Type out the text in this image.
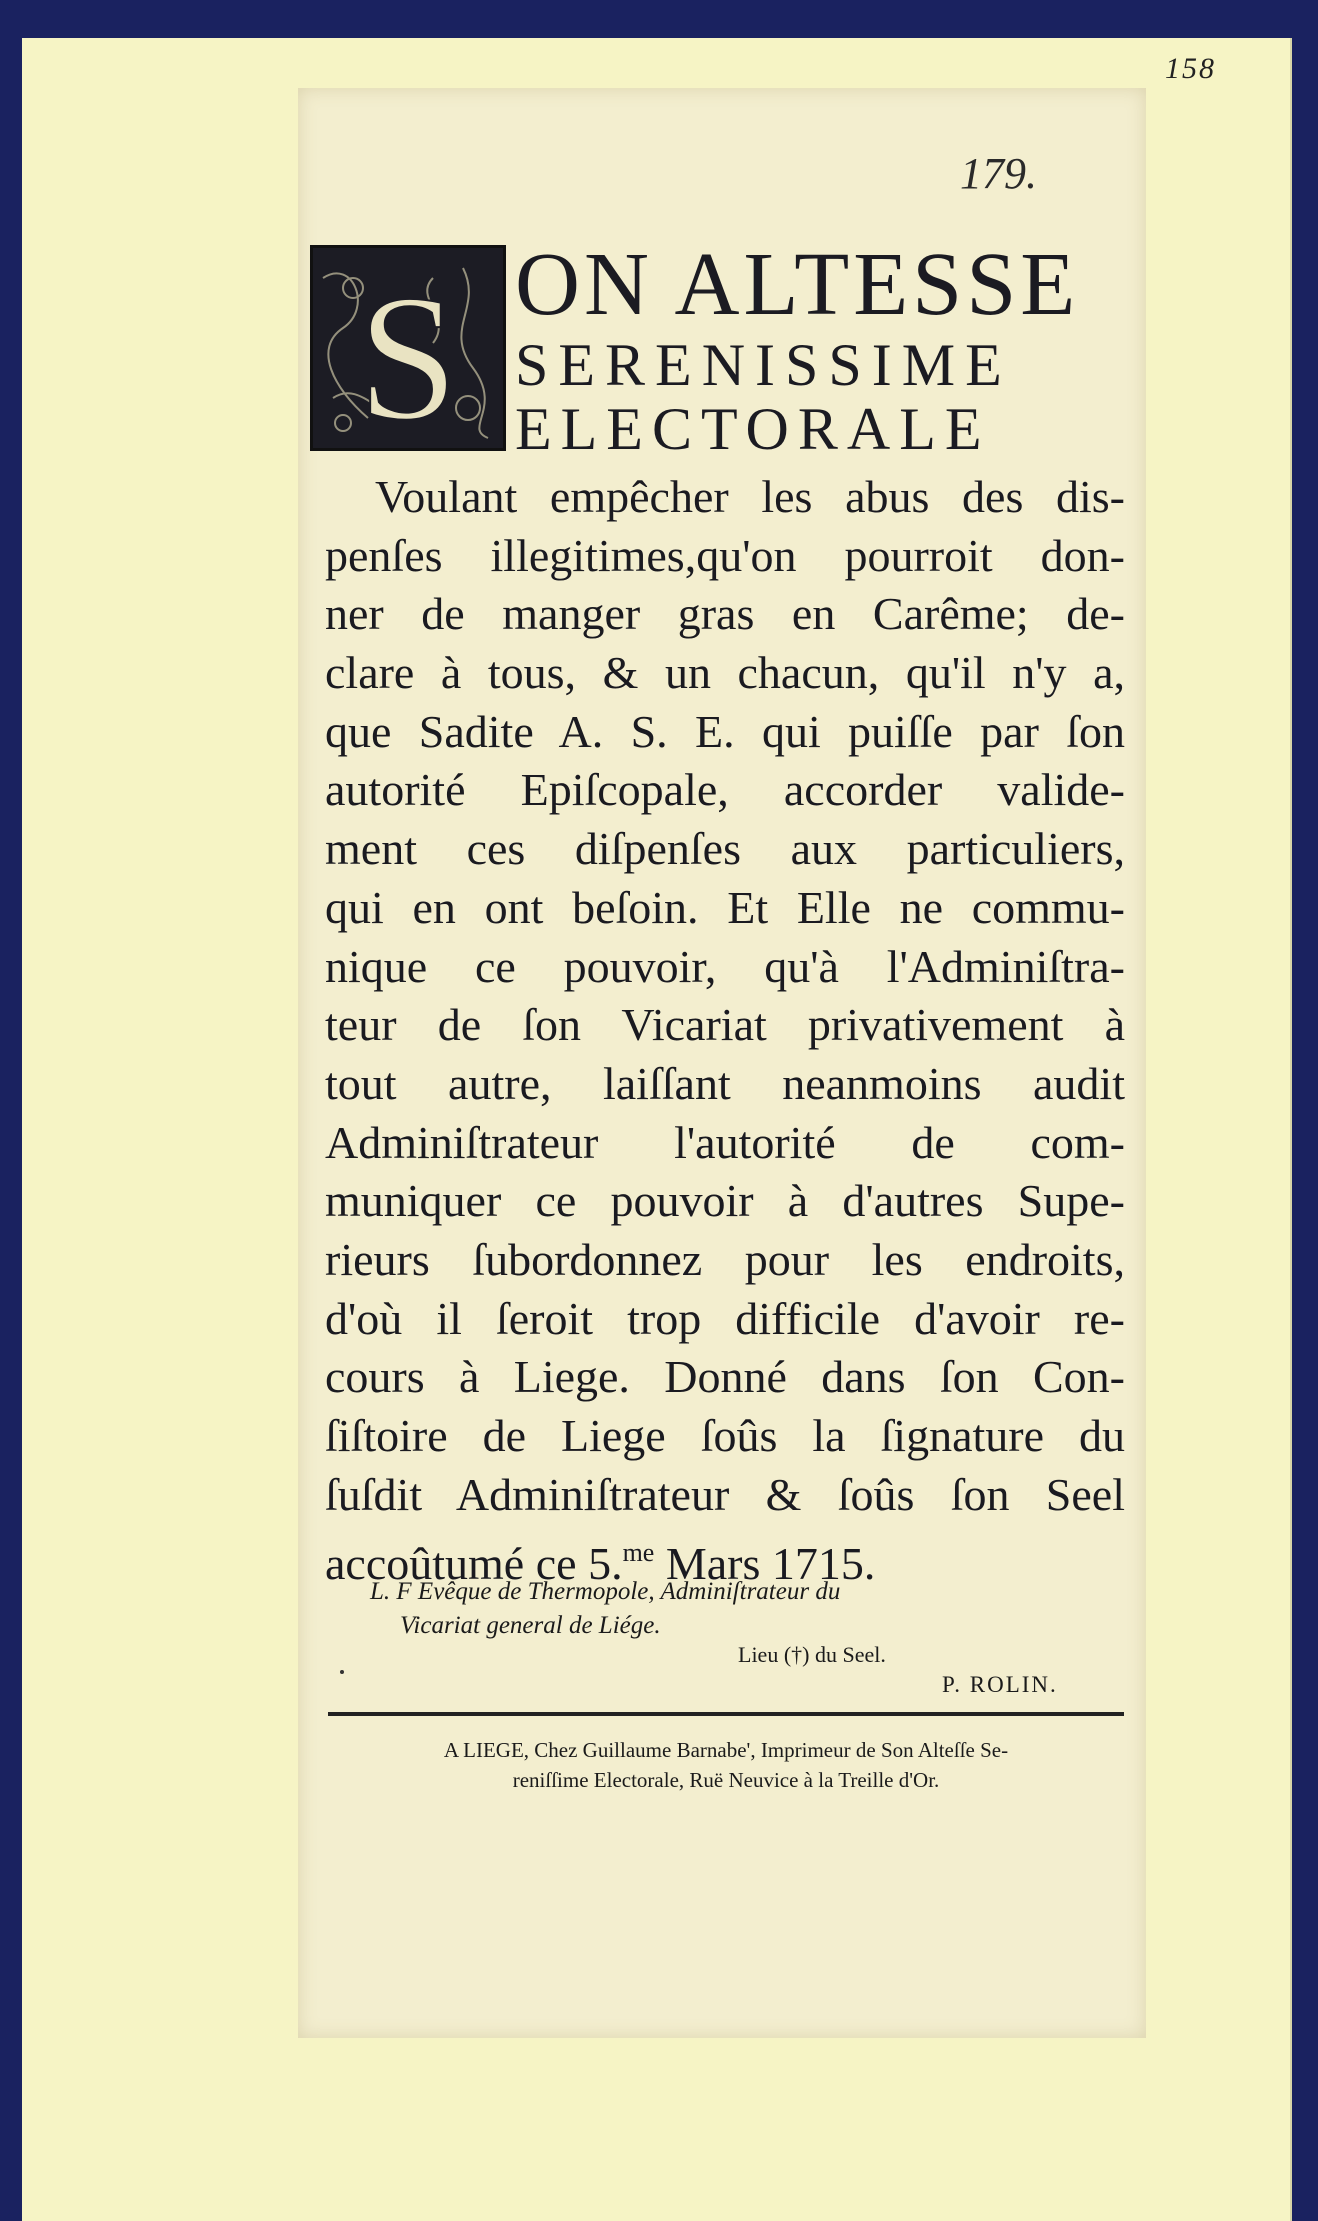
158
179.
S ON ALTESSE
SERENISSIME
ELECTORALE
Voulant empêcher les abus des dis-
penſes illegitimes,qu'on pourroit don-
ner de manger gras en Carême; de-
clare à tous, & un chacun, qu'il n'y a,
que Sadite A. S. E. qui puiſſe par ſon
autorité Epiſcopale, accorder valide-
ment ces diſpenſes aux particuliers,
qui en ont beſoin. Et Elle ne commu-
nique ce pouvoir, qu'à l'Adminiſtra-
teur de ſon Vicariat privativement à
tout autre, laiſſant neanmoins audit
Adminiſtrateur l'autorité de com-
muniquer ce pouvoir à d'autres Supe-
rieurs ſubordonnez pour les endroits,
d'où il ſeroit trop difficile d'avoir re-
cours à Liege. Donné dans ſon Con-
ſiſtoire de Liege ſoûs la ſignature du
ſuſdit Adminiſtrateur & ſoûs ſon Seel
accoûtumé ce 5.$^{me}$ Mars 1715.
L. F Evêque de Thermopole, Adminiſtrateur du
Vicariat general de Liége.
Lieu (†) du Seel.
P. ROLIN.
A LIEGE, Chez Guillaume Barnabe', Imprimeur de Son Alteſſe Se-
reniſſime Electorale, Ruë Neuvice à la Treille d'Or.
